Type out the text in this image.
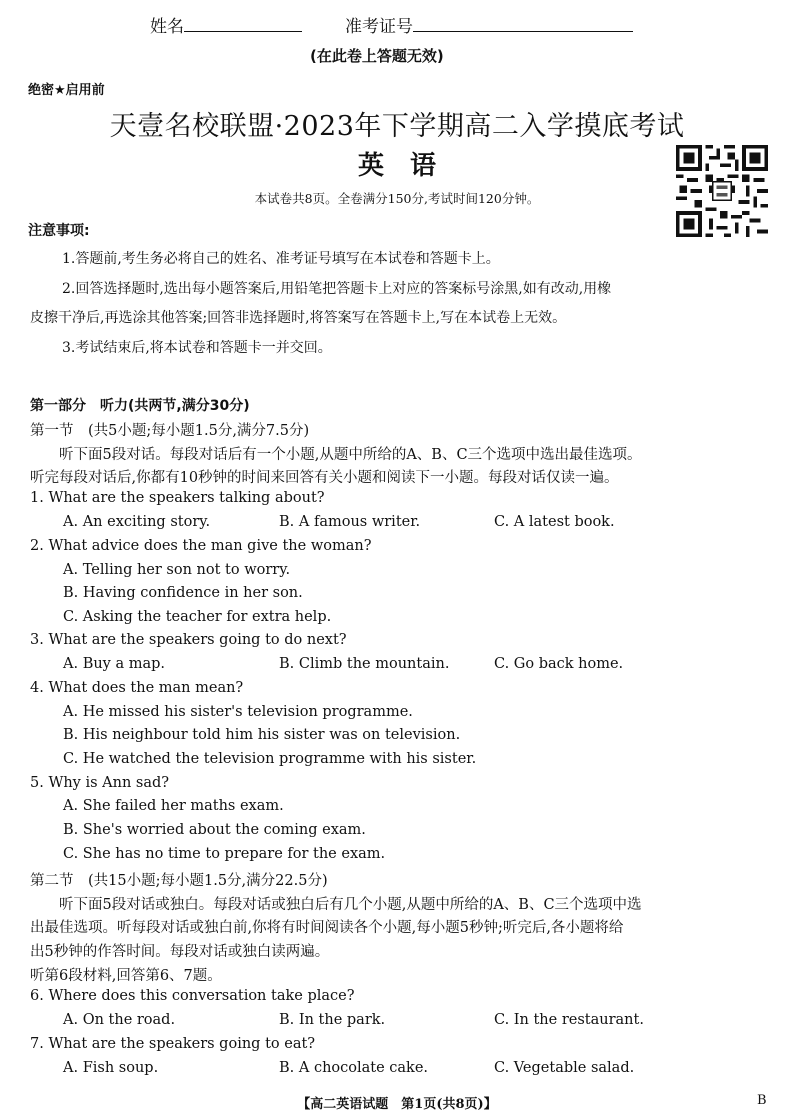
姓名	准考证号
(在此卷上答题无效)
绝密★启用前
天壹名校联盟·2023年下学期高二入学摸底考试
英　语
本试卷共8页。全卷满分150分,考试时间120分钟。
注意事项:
1.答题前,考生务必将自己的姓名、准考证号填写在本试卷和答题卡上。
2.回答选择题时,选出每小题答案后,用铅笔把答题卡上对应的答案标号涂黑,如有改动,用橡
皮擦干净后,再选涂其他答案;回答非选择题时,将答案写在答题卡上,写在本试卷上无效。
3.考试结束后,将本试卷和答题卡一并交回。
第一部分　听力(共两节,满分30分)
第一节　(共5小题;每小题1.5分,满分7.5分)
　　听下面5段对话。每段对话后有一个小题,从题中所给的A、B、C三个选项中选出最佳选项。
听完每段对话后,你都有10秒钟的时间来回答有关小题和阅读下一小题。每段对话仅读一遍。
1. What are the speakers talking about?
A. An exciting story.	B. A famous writer.	C. A latest book.
2. What advice does the man give the woman?
A. Telling her son not to worry.
B. Having confidence in her son.
C. Asking the teacher for extra help.
3. What are the speakers going to do next?
A. Buy a map.	B. Climb the mountain.	C. Go back home.
4. What does the man mean?
A. He missed his sister's television programme.
B. His neighbour told him his sister was on television.
C. He watched the television programme with his sister.
5. Why is Ann sad?
A. She failed her maths exam.
B. She's worried about the coming exam.
C. She has no time to prepare for the exam.
第二节　(共15小题;每小题1.5分,满分22.5分)
　　听下面5段对话或独白。每段对话或独白后有几个小题,从题中所给的A、B、C三个选项中选
出最佳选项。听每段对话或独白前,你将有时间阅读各个小题,每小题5秒钟;听完后,各小题将给
出5秒钟的作答时间。每段对话或独白读两遍。
听第6段材料,回答第6、7题。
6. Where does this conversation take place?
A. On the road.	B. In the park.	C. In the restaurant.
7. What are the speakers going to eat?
A. Fish soup.	B. A chocolate cake.	C. Vegetable salad.
【高二英语试题　第1页(共8页)】	B
